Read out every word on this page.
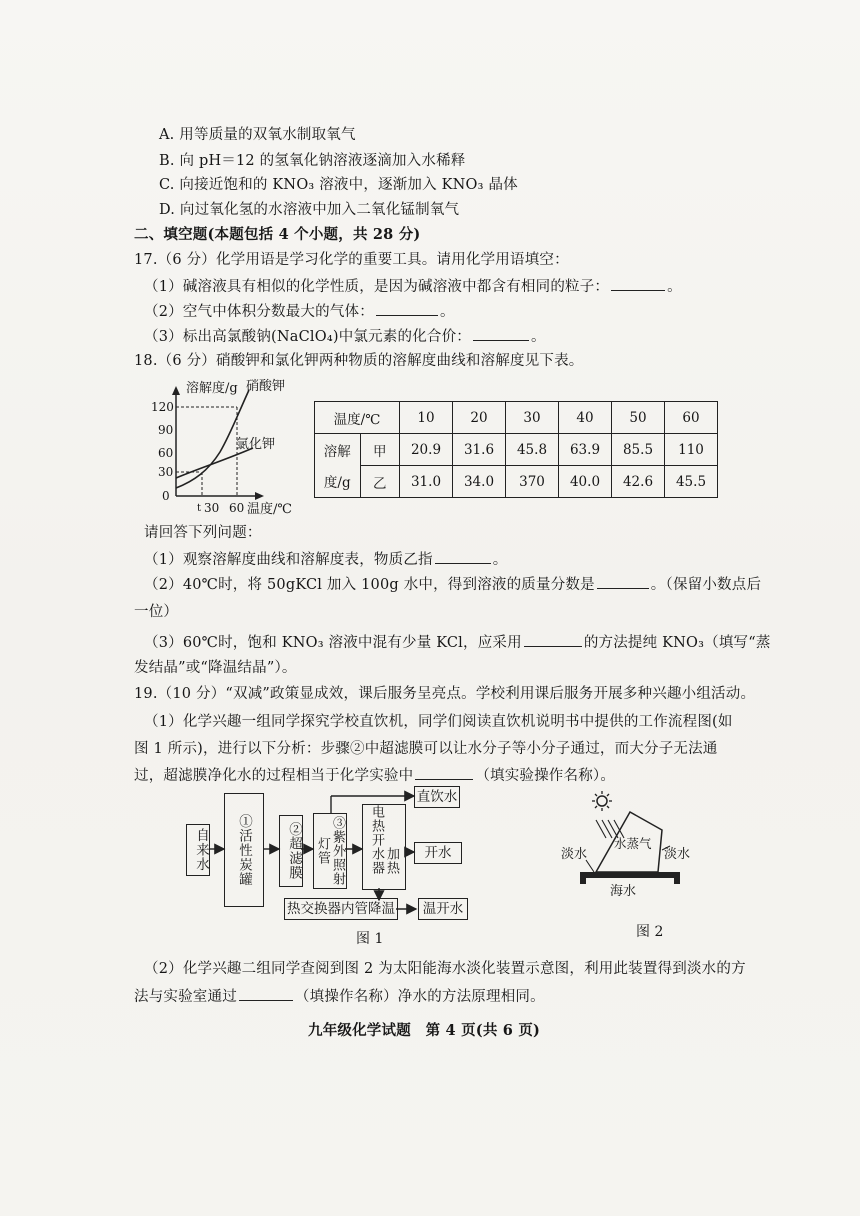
A. 用等质量的双氧水制取氧气
B. 向 pH＝12 的氢氧化钠溶液逐滴加入水稀释
C. 向接近饱和的 KNO₃ 溶液中，逐渐加入 KNO₃ 晶体
D. 向过氧化氢的水溶液中加入二氧化锰制氧气
二、填空题(本题包括 4 个小题，共 28 分)
17.（6 分）化学用语是学习化学的重要工具。请用化学用语填空：
（1）碱溶液具有相似的化学性质，是因为碱溶液中都含有相同的粒子：	。
（2）空气中体积分数最大的气体：	。
（3）标出高氯酸钠(NaClO₄)中氯元素的化合价：	。
18.（6 分）硝酸钾和氯化钾两种物质的溶解度曲线和溶解度见下表。
溶解度/g 硝酸钾
氯化钾
120
90
60
30
0
t 30 60 温度/℃
温度/℃		10	20	30	40	50	60
溶解	甲	20.9	31.6	45.8	63.9	85.5	110
度/g	乙	31.0	34.0	370	40.0	42.6	45.5
请回答下列问题：
（1）观察溶解度曲线和溶解度表，物质乙指	。
（2）40℃时，将 50gKCl 加入 100g 水中，得到溶液的质量分数是	。（保留小数点后
一位）
（3）60℃时，饱和 KNO₃ 溶液中混有少量 KCl，应采用	的方法提纯 KNO₃（填写“蒸
发结晶”或“降温结晶”）。
19.（10 分）“双减”政策显成效，课后服务呈亮点。学校利用课后服务开展多种兴趣小组活动。
（1）化学兴趣一组同学探究学校直饮机，同学们阅读直饮机说明书中提供的工作流程图(如
图 1 所示)，进行以下分析：步骤②中超滤膜可以让水分子等小分子通过，而大分子无法通
过，超滤膜净化水的过程相当于化学实验中	（填实验操作名称）。
自来水	①活性炭罐	②超滤膜	③紫外照射灯管	电热开水器加热
直饮水
开水
热交换器内管降温	温开水
图 1
淡水
水蒸气
淡水
海水
图 2
（2）化学兴趣二组同学查阅到图 2 为太阳能海水淡化装置示意图，利用此装置得到淡水的方
法与实验室通过	（填操作名称）净水的方法原理相同。
九年级化学试题　第 4 页(共 6 页)
